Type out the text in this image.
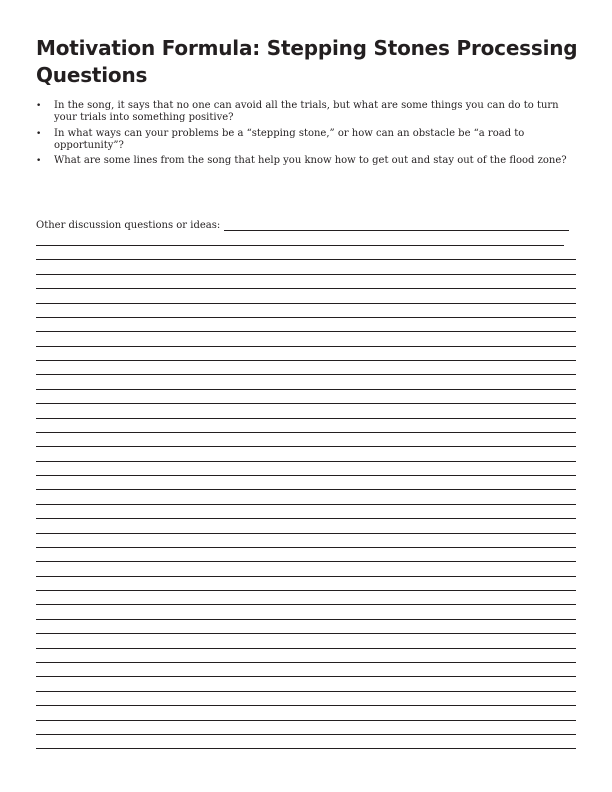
Motivation Formula: Stepping Stones Processing Questions
• In the song, it says that no one can avoid all the trials, but what are some things you can do to turn your trials into something positive?
• In what ways can your problems be a “stepping stone,” or how can an obstacle be “a road to opportunity”?
• What are some lines from the song that help you know how to get out and stay out of the flood zone?
Other discussion questions or ideas:
